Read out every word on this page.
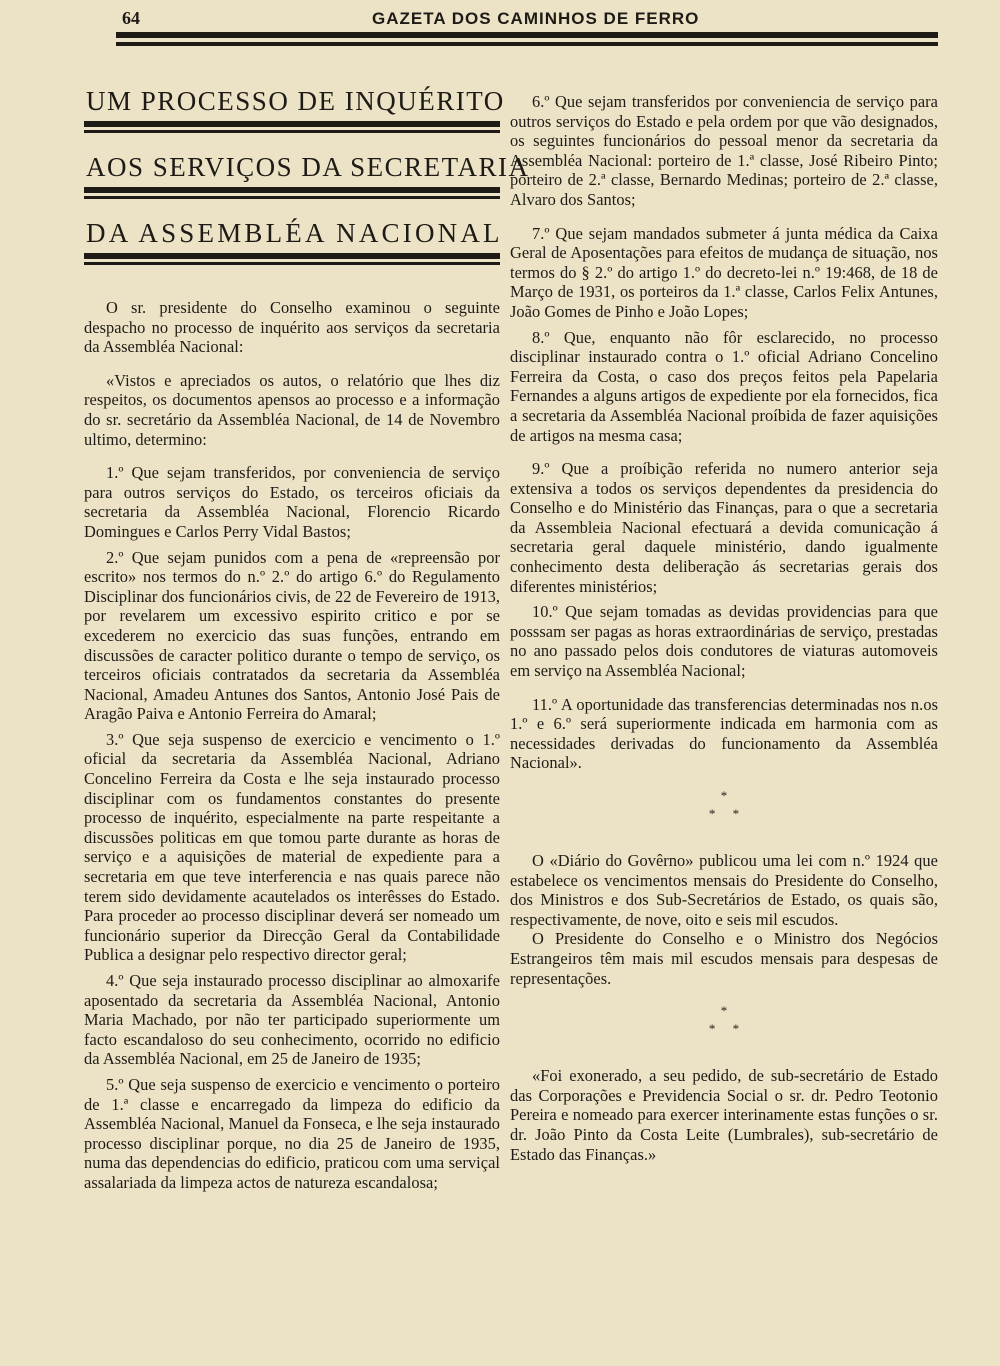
64	GAZETA DOS CAMINHOS DE FERRO
UM PROCESSO DE INQUÉRITO
AOS SERVIÇOS DA SECRETARIA
DA ASSEMBLÉA NACIONAL

O sr. presidente do Conselho examinou o seguinte despacho no processo de inquérito aos serviços da secretaria da Assembléa Nacional:

«Vistos e apreciados os autos, o relatório que lhes diz respeitos, os documentos apensos ao processo e a informação do sr. secretário da Assembléa Nacional, de 14 de Novembro ultimo, determino:

1.º Que sejam transferidos, por conveniencia de serviço para outros serviços do Estado, os terceiros oficiais da secretaria da Assembléa Nacional, Florencio Ricardo Domingues e Carlos Perry Vidal Bastos;

2.º Que sejam punidos com a pena de «repreensão por escrito» nos termos do n.º 2.º do artigo 6.º do Regulamento Disciplinar dos funcionários civis, de 22 de Fevereiro de 1913, por revelarem um excessivo espirito critico e por se excederem no exercicio das suas funções, entrando em discussões de caracter politico durante o tempo de serviço, os terceiros oficiais contratados da secretaria da Assembléa Nacional, Amadeu Antunes dos Santos, Antonio José Pais de Aragão Paiva e Antonio Ferreira do Amaral;

3.º Que seja suspenso de exercicio e vencimento o 1.º oficial da secretaria da Assembléa Nacional, Adriano Concelino Ferreira da Costa e lhe seja instaurado processo disciplinar com os fundamentos constantes do presente processo de inquérito, especialmente na parte respeitante a discussões politicas em que tomou parte durante as horas de serviço e a aquisições de material de expediente para a secretaria em que teve interferencia e nas quais parece não terem sido devidamente acautelados os interêsses do Estado. Para proceder ao processo disciplinar deverá ser nomeado um funcionário superior da Direcção Geral da Contabilidade Publica a designar pelo respectivo director geral;

4.º Que seja instaurado processo disciplinar ao almoxarife aposentado da secretaria da Assembléa Nacional, Antonio Maria Machado, por não ter participado superiormente um facto escandaloso do seu conhecimento, ocorrido no edificio da Assembléa Nacional, em 25 de Janeiro de 1935;

5.º Que seja suspenso de exercicio e vencimento o porteiro de 1.ª classe e encarregado da limpeza do edificio da Assembléa Nacional, Manuel da Fonseca, e lhe seja instaurado processo disciplinar porque, no dia 25 de Janeiro de 1935, numa das dependencias do edificio, praticou com uma serviçal assalariada da limpeza actos de natureza escandalosa;

6.º Que sejam transferidos por conveniencia de serviço para outros serviços do Estado e pela ordem por que vão designados, os seguintes funcionários do pessoal menor da secretaria da Assembléa Nacional: porteiro de 1.ª classe, José Ribeiro Pinto; porteiro de 2.ª classe, Bernardo Medinas; porteiro de 2.ª classe, Alvaro dos Santos;

7.º Que sejam mandados submeter á junta médica da Caixa Geral de Aposentações para efeitos de mudança de situação, nos termos do § 2.º do artigo 1.º do decreto-lei n.º 19:468, de 18 de Março de 1931, os porteiros da 1.ª classe, Carlos Felix Antunes, João Gomes de Pinho e João Lopes;

8.º Que, enquanto não fôr esclarecido, no processo disciplinar instaurado contra o 1.º oficial Adriano Concelino Ferreira da Costa, o caso dos preços feitos pela Papelaria Fernandes a alguns artigos de expediente por ela fornecidos, fica a secretaria da Assembléa Nacional proíbida de fazer aquisições de artigos na mesma casa;

9.º Que a proíbição referida no numero anterior seja extensiva a todos os serviços dependentes da presidencia do Conselho e do Ministério das Finanças, para o que a secretaria da Assembleia Nacional efectuará a devida comunicação á secretaria geral daquele ministério, dando igualmente conhecimento desta deliberação ás secretarias gerais dos diferentes ministérios;

10.º Que sejam tomadas as devidas providencias para que posssam ser pagas as horas extraordinárias de serviço, prestadas no ano passado pelos dois condutores de viaturas automoveis em serviço na Assembléa Nacional;

11.º A oportunidade das transferencias determinadas nos n.os 1.º e 6.º será superiormente indicada em harmonia com as necessidades derivadas do funcionamento da Assembléa Nacional».

*
* *

O «Diário do Govêrno» publicou uma lei com n.º 1924 que estabelece os vencimentos mensais do Presidente do Conselho, dos Ministros e dos Sub-Secretários de Estado, os quais são, respectivamente, de nove, oito e seis mil escudos.

O Presidente do Conselho e o Ministro dos Negócios Estrangeiros têm mais mil escudos mensais para despesas de representações.

*
* *

«Foi exonerado, a seu pedido, de sub-secretário de Estado das Corporações e Previdencia Social o sr. dr. Pedro Teotonio Pereira e nomeado para exercer interinamente estas funções o sr. dr. João Pinto da Costa Leite (Lumbrales), sub-secretário de Estado das Finanças.»
